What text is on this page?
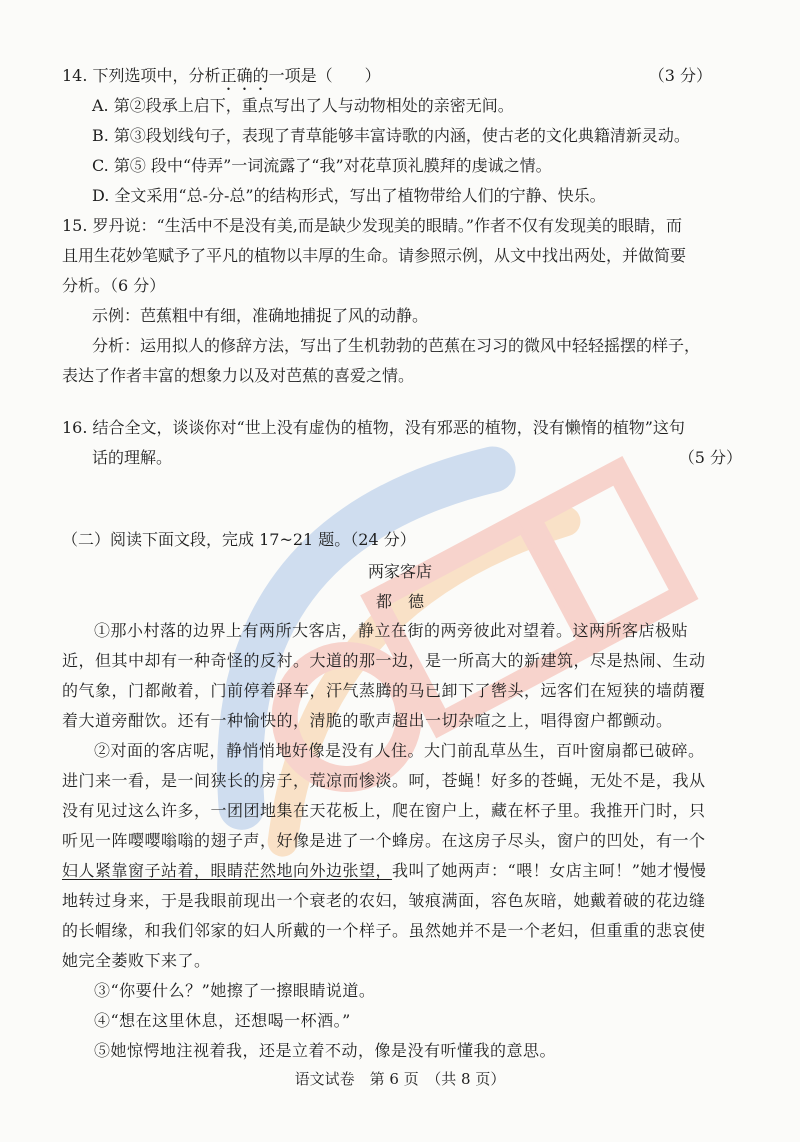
14. 下列选项中，分析正确的一项是（　　）	（3 分）
A. 第②段承上启下，重点写出了人与动物相处的亲密无间。
B. 第③段划线句子，表现了青草能够丰富诗歌的内涵，使古老的文化典籍清新灵动。
C. 第⑤ 段中“侍弄”一词流露了“我”对花草顶礼膜拜的虔诚之情。
D. 全文采用“总-分-总”的结构形式，写出了植物带给人们的宁静、快乐。
15. 罗丹说：“生活中不是没有美,而是缺少发现美的眼睛。”作者不仅有发现美的眼睛，而
且用生花妙笔赋予了平凡的植物以丰厚的生命。请参照示例，从文中找出两处，并做简要
分析。（6 分）
示例：芭蕉粗中有细，准确地捕捉了风的动静。
分析：运用拟人的修辞方法，写出了生机勃勃的芭蕉在习习的微风中轻轻摇摆的样子，
表达了作者丰富的想象力以及对芭蕉的喜爱之情。
16. 结合全文，谈谈你对“世上没有虚伪的植物，没有邪恶的植物，没有懒惰的植物”这句
话的理解。	（5 分）
（二）阅读下面文段，完成 17~21 题。（24 分）
两家客店
都　德

①那小村落的边界上有两所大客店，静立在街的两旁彼此对望着。这两所客店极贴近，但其中却有一种奇怪的反衬。大道的那一边，是一所高大的新建筑，尽是热闹、生动的气象，门都敞着，门前停着驿车，汗气蒸腾的马已卸下了辔头，远客们在短狭的墙荫覆着大道旁酣饮。还有一种愉快的，清脆的歌声超出一切杂喧之上，唱得窗户都颤动。

②对面的客店呢，静悄悄地好像是没有人住。大门前乱草丛生，百叶窗扇都已破碎。进门来一看，是一间狭长的房子，荒凉而惨淡。呵，苍蝇！好多的苍蝇，无处不是，我从没有见过这么许多，一团团地集在天花板上，爬在窗户上，藏在杯子里。我推开门时，只听见一阵嘤嘤嗡嗡的翅子声，好像是进了一个蜂房。在这房子尽头，窗户的凹处，有一个妇人紧靠窗子站着，眼睛茫然地向外边张望，我叫了她两声：“喂！女店主呵！”她才慢慢地转过身来，于是我眼前现出一个衰老的农妇，皱痕满面，容色灰暗，她戴着破的花边缝的长帽缘，和我们邻家的妇人所戴的一个样子。虽然她并不是一个老妇，但重重的悲哀使她完全萎败下来了。

③“你要什么？”她擦了一擦眼睛说道。

④“想在这里休息，还想喝一杯酒。”

⑤她惊愕地注视着我，还是立着不动，像是没有听懂我的意思。

语文试卷　第 6 页　（共 8 页）
